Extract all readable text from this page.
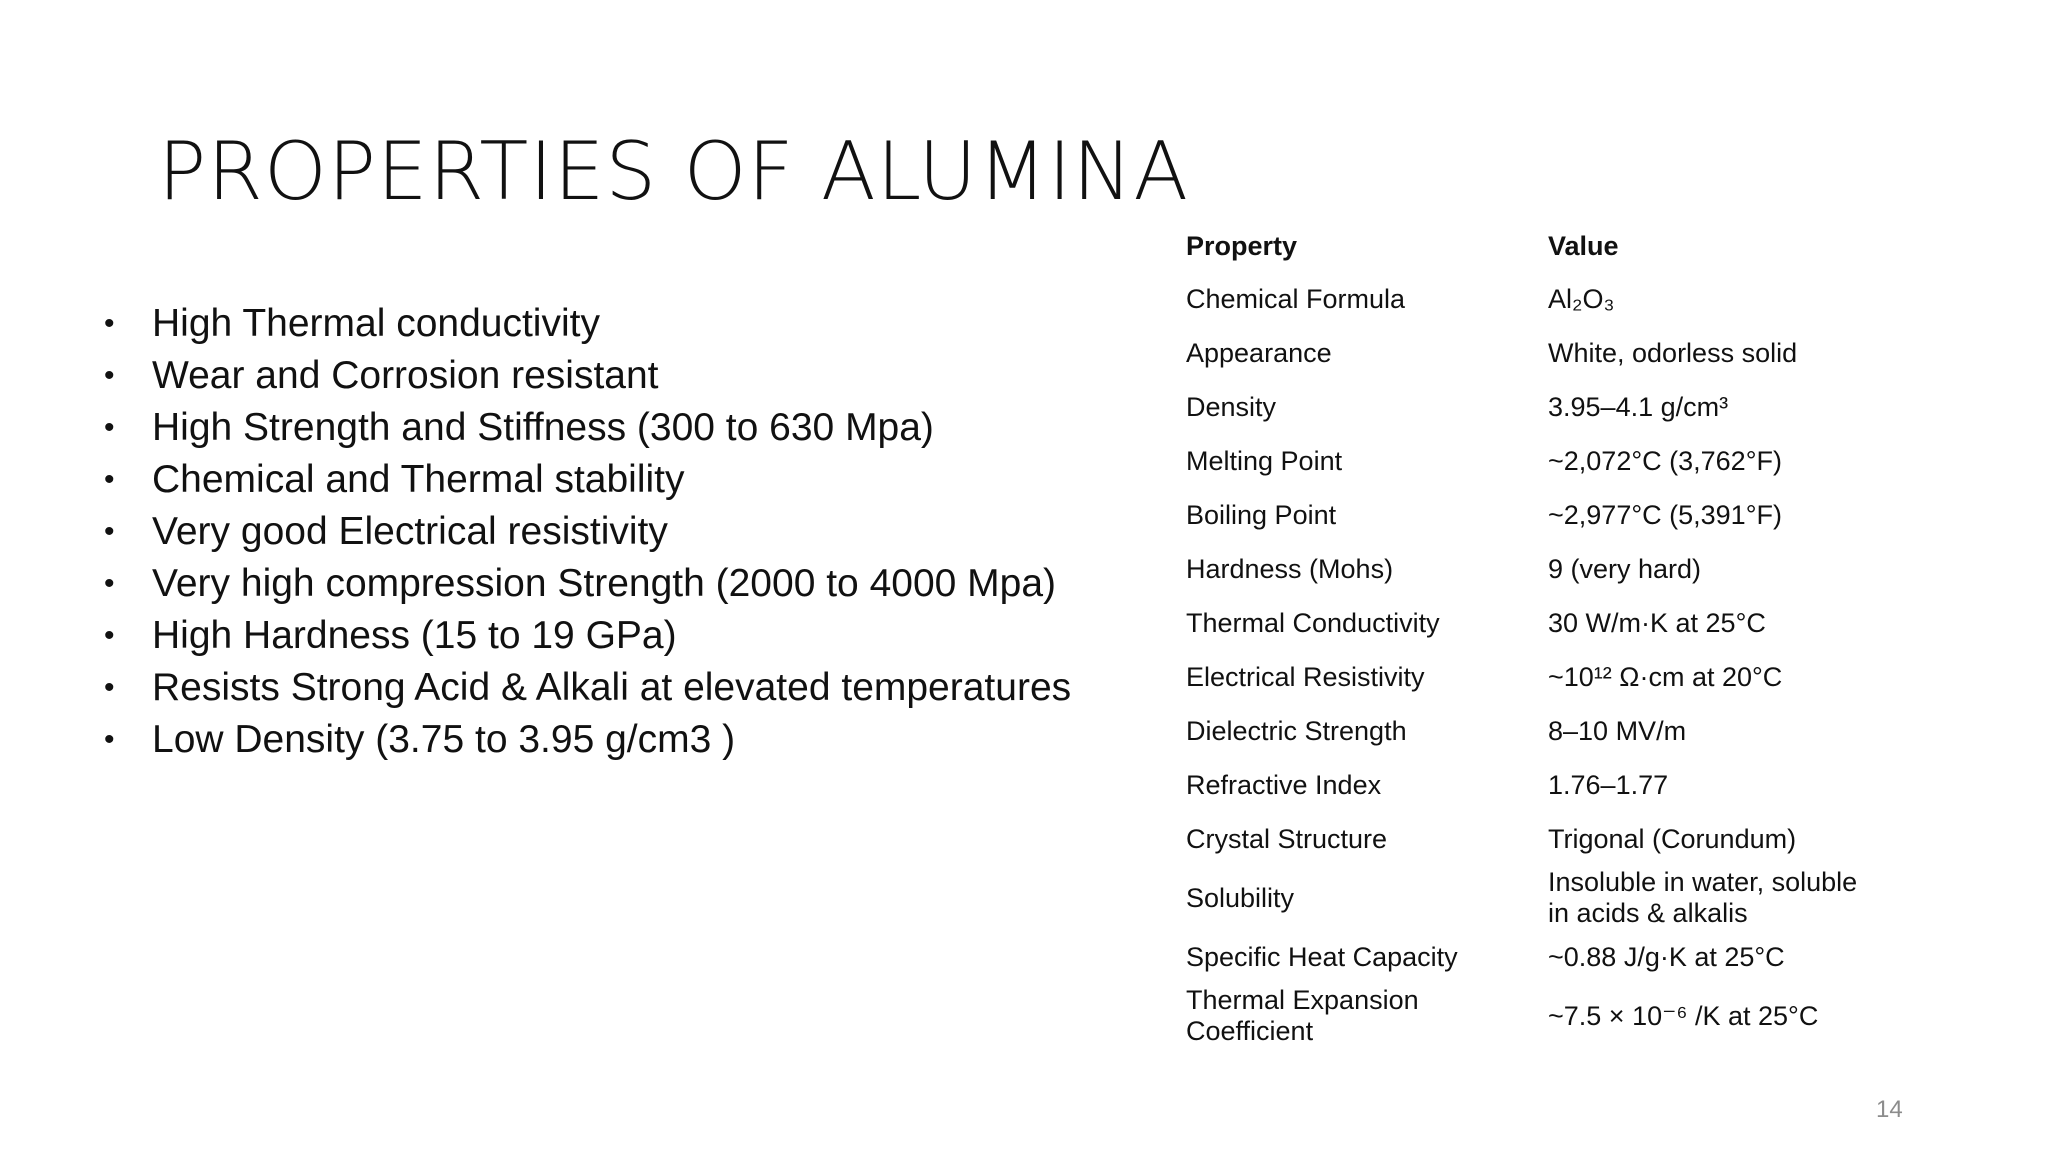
PROPERTIES OF ALUMINA
• High Thermal conductivity
• Wear and Corrosion resistant
• High Strength and Stiffness (300 to 630 Mpa)
• Chemical and Thermal stability
• Very good Electrical resistivity
• Very high compression Strength (2000 to 4000 Mpa)
• High Hardness (15 to 19 GPa)
• Resists Strong Acid & Alkali at elevated temperatures
• Low Density (3.75 to 3.95 g/cm3 )
Property	Value
Chemical Formula	Al₂O₃
Appearance	White, odorless solid
Density	3.95–4.1 g/cm³
Melting Point	~2,072°C (3,762°F)
Boiling Point	~2,977°C (5,391°F)
Hardness (Mohs)	9 (very hard)
Thermal Conductivity	30 W/m·K at 25°C
Electrical Resistivity	~10¹² Ω·cm at 20°C
Dielectric Strength	8–10 MV/m
Refractive Index	1.76–1.77
Crystal Structure	Trigonal (Corundum)
Solubility	Insoluble in water, soluble in acids & alkalis
Specific Heat Capacity	~0.88 J/g·K at 25°C
Thermal Expansion Coefficient	~7.5 × 10⁻⁶ /K at 25°C
14
